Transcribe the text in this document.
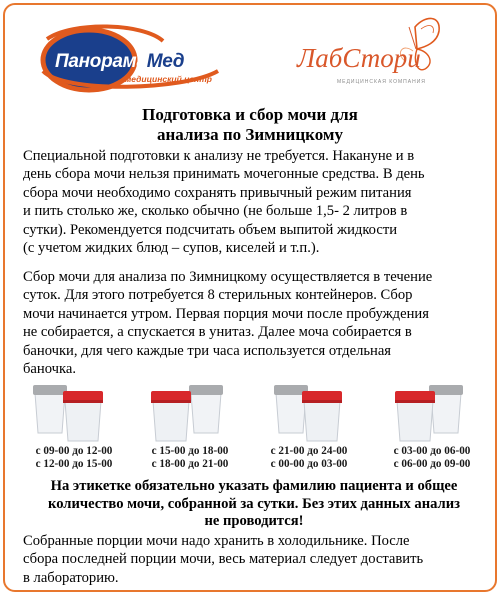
ПанорамаМед
медицинский центр
ЛабСтори
МЕДИЦИНСКАЯ КОМПАНИЯ
Подготовка и сбор мочи для
анализа по Зимницкому

Специальной подготовки к анализу не требуется. Накануне и в
день сбора мочи нельзя принимать мочегонные средства. В день
сбора мочи необходимо сохранять привычный режим питания
и пить столько же, сколько обычно (не больше 1,5- 2 литров в
сутки). Рекомендуется подсчитать объем выпитой жидкости
(с учетом жидких блюд – супов, киселей и т.п.).

Сбор мочи для анализа по Зимницкому осуществляется в течение
суток. Для этого потребуется 8 стерильных контейнеров. Сбор
мочи начинается утром. Первая порция мочи после пробуждения
не собирается, а спускается в унитаз. Далее моча собирается в
баночки, для чего каждые три часа используется отдельная
баночка.

с 09-00 до 12-00
с 12-00 до 15-00
с 15-00 до 18-00
с 18-00 до 21-00
с 21-00 до 24-00
с 00-00 до 03-00
с 03-00 до 06-00
с 06-00 до 09-00
На этикетке обязательно указать фамилию пациента и общее
количество мочи, собранной за сутки. Без этих данных анализ
не проводится!

Собранные порции мочи надо хранить в холодильнике. После
сбора последней порции мочи, весь материал следует доставить
в лабораторию.
